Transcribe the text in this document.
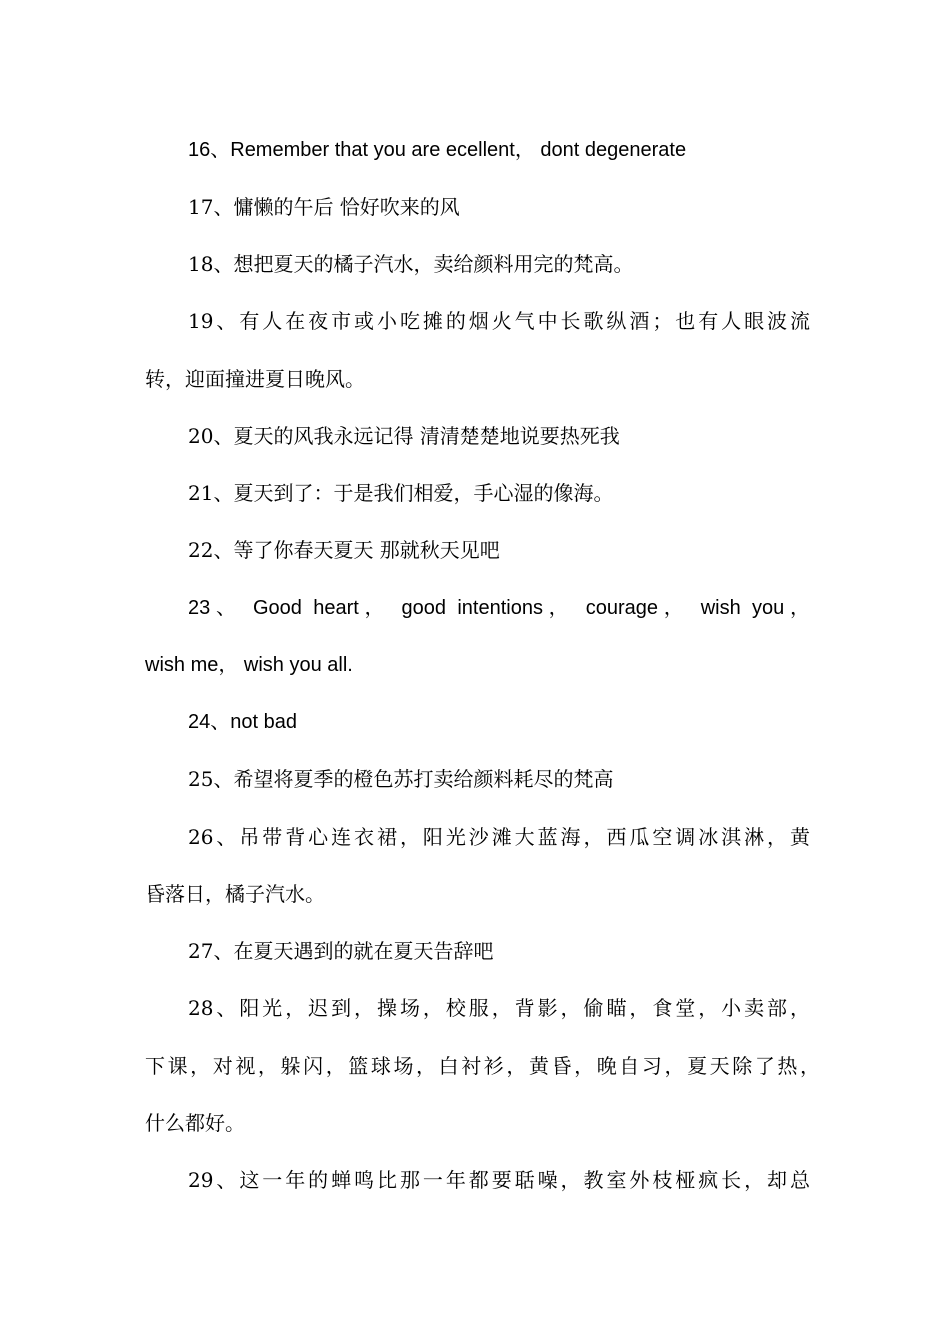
16、Remember that you are ecellent， dont degenerate
17、慵懒的午后 恰好吹来的风
18、想把夏天的橘子汽水，卖给颜料用完的梵高。
19、有人在夜市或小吃摊的烟火气中长歌纵酒；也有人眼波流
转，迎面撞进夏日晚风。
20、夏天的风我永远记得 清清楚楚地说要热死我
21、夏天到了：于是我们相爱，手心湿的像海。
22、等了你春天夏天 那就秋天见吧
23、 Good heart， good intentions， courage， wish you，
wish me， wish you all.
24、not bad
25、希望将夏季的橙色苏打卖给颜料耗尽的梵高
26、吊带背心连衣裙，阳光沙滩大蓝海，西瓜空调冰淇淋，黄
昏落日，橘子汽水。
27、在夏天遇到的就在夏天告辞吧
28、阳光，迟到，操场，校服，背影，偷瞄，食堂，小卖部，
下课，对视，躲闪，篮球场，白衬衫，黄昏，晚自习，夏天除了热，
什么都好。
29、这一年的蝉鸣比那一年都要聒噪，教室外枝桠疯长，却总
